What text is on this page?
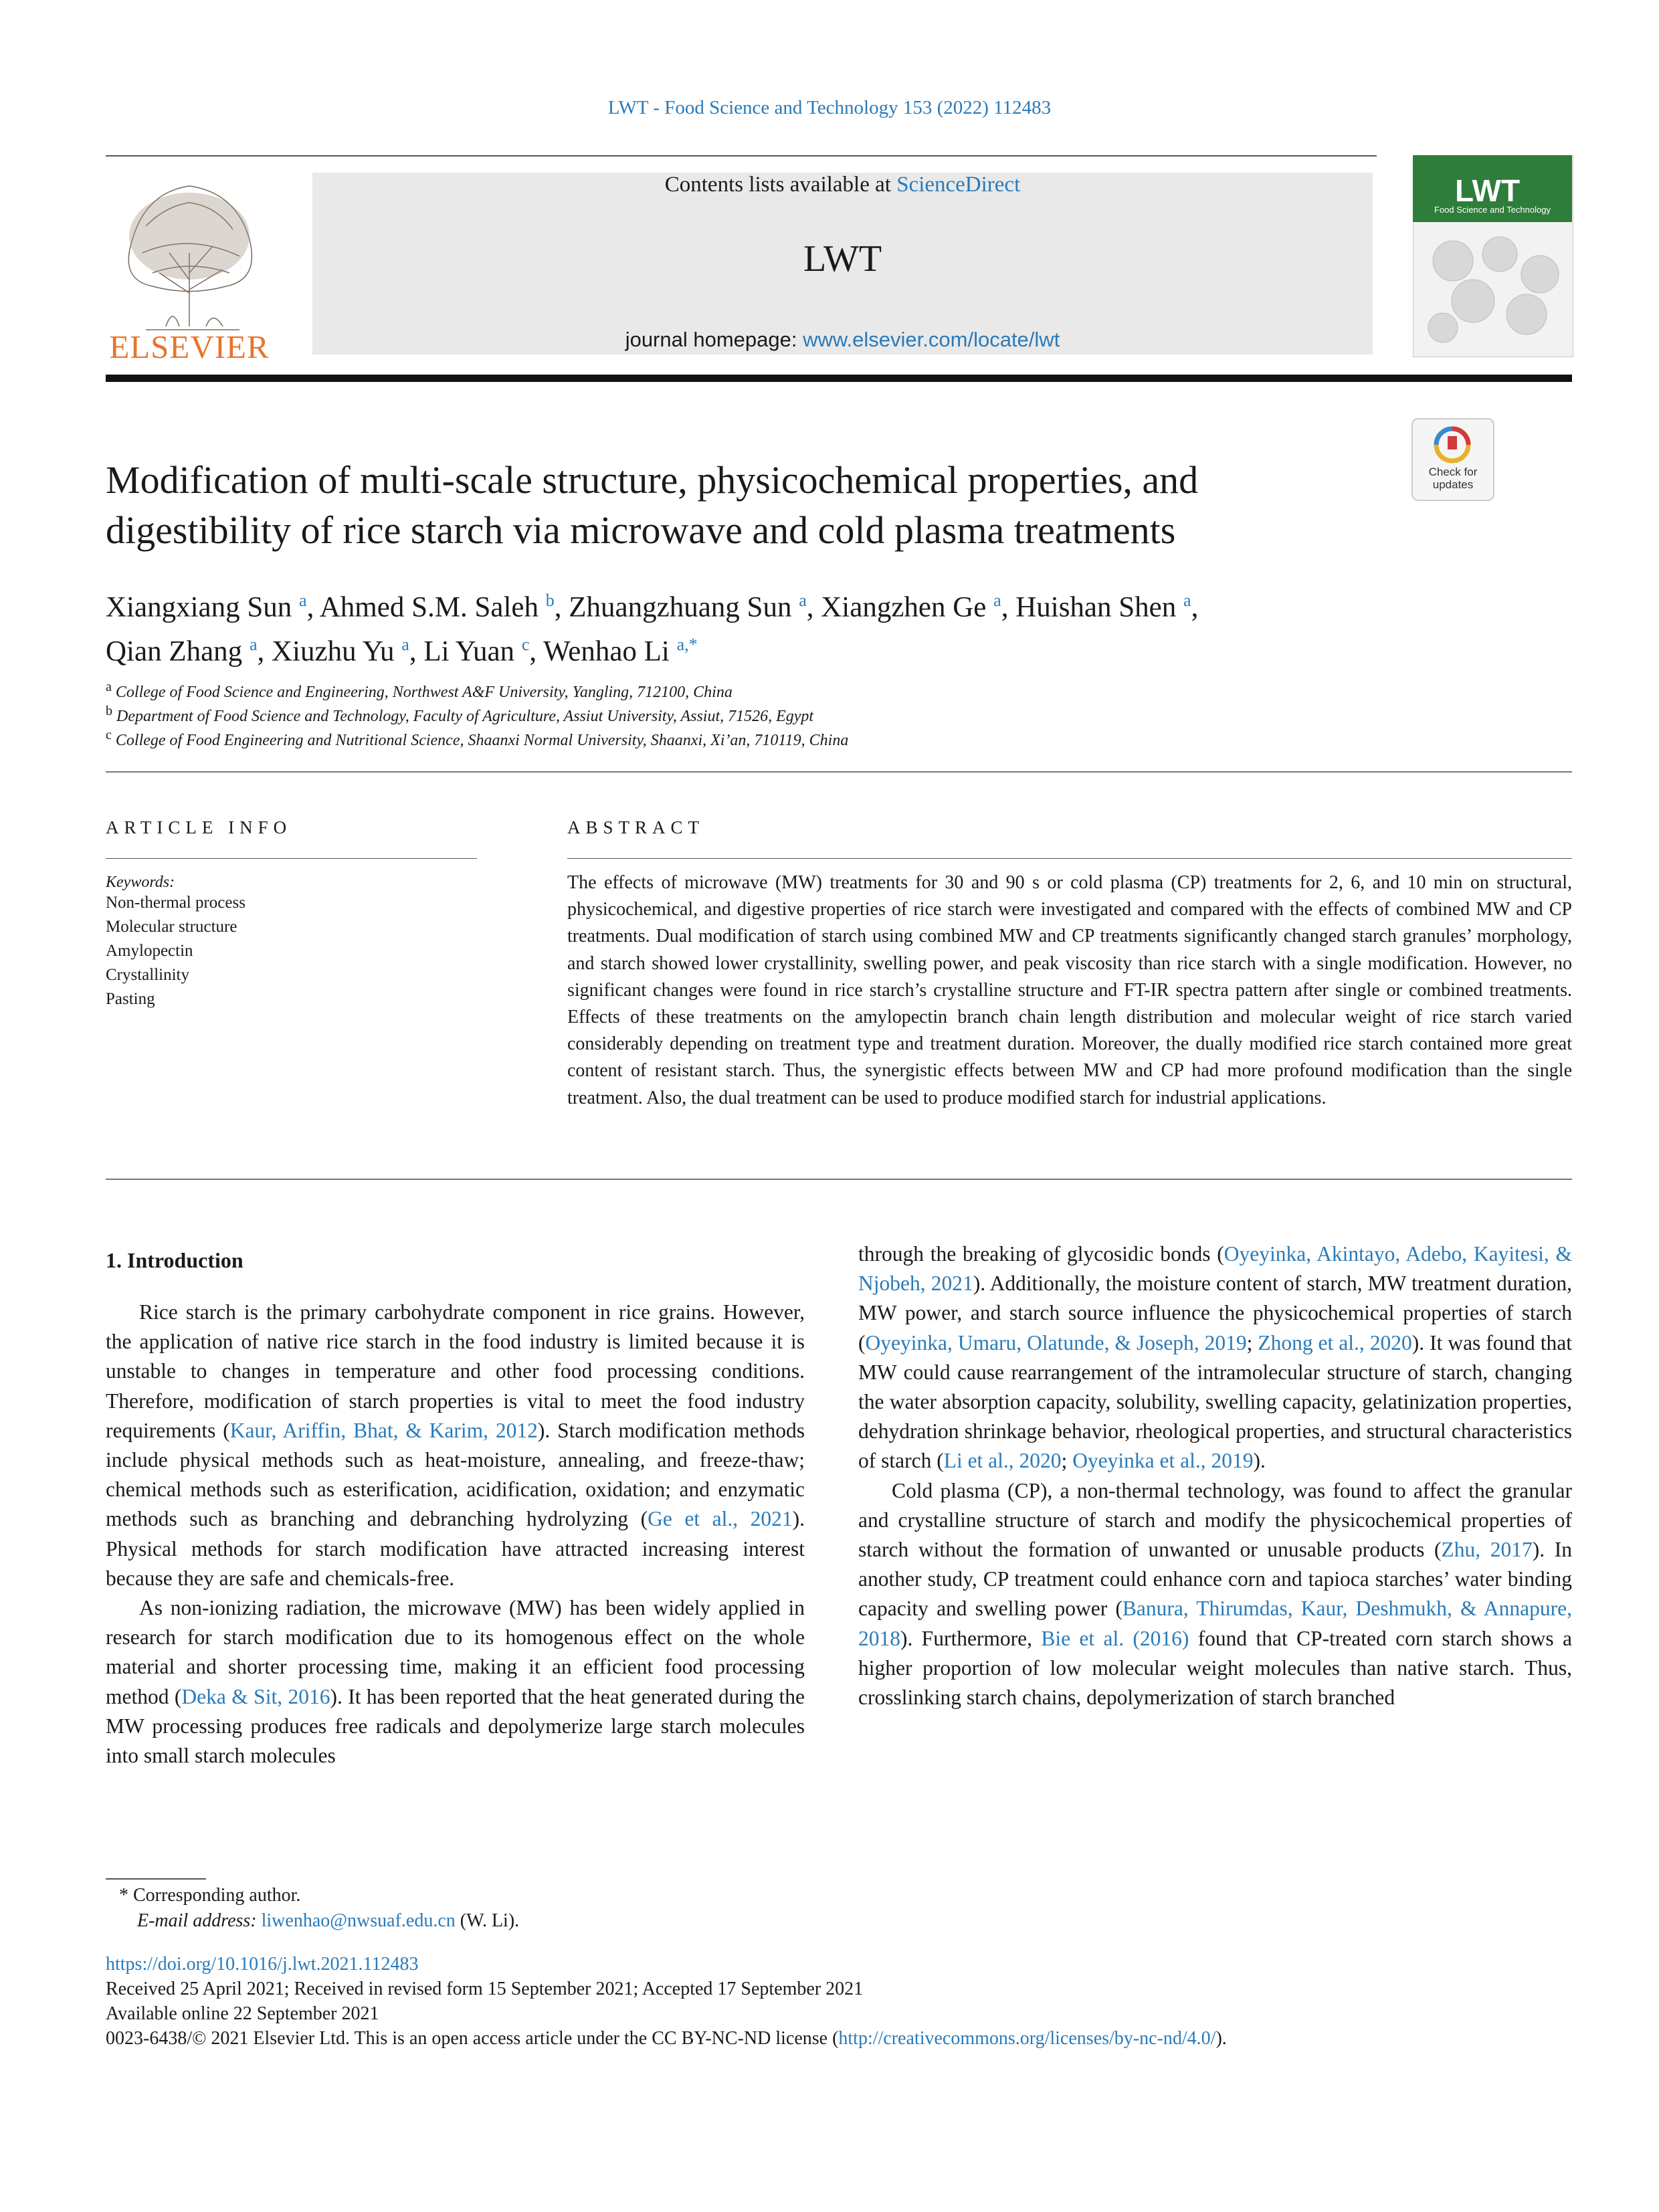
LWT - Food Science and Technology 153 (2022) 112483
ELSEVIER
Contents lists available at ScienceDirect
LWT
journal homepage: www.elsevier.com/locate/lwt
LWT
Food Science and Technology
Check for
updates
Modification of multi-scale structure, physicochemical properties, and
digestibility of rice starch via microwave and cold plasma treatments
Xiangxiang Sun $^a$, Ahmed S.M. Saleh $^b$, Zhuangzhuang Sun $^a$, Xiangzhen Ge $^a$, Huishan Shen $^a$,
Qian Zhang $^a$, Xiuzhu Yu $^a$, Li Yuan $^c$, Wenhao Li $^{a,*}$
$^a$ College of Food Science and Engineering, Northwest A&F University, Yangling, 712100, China
$^b$ Department of Food Science and Technology, Faculty of Agriculture, Assiut University, Assiut, 71526, Egypt
$^c$ College of Food Engineering and Nutritional Science, Shaanxi Normal University, Shaanxi, Xi’an, 710119, China
ARTICLE INFO
Keywords:
Non-thermal process
Molecular structure
Amylopectin
Crystallinity
Pasting
ABSTRACT
The effects of microwave (MW) treatments for 30 and 90 s or cold plasma (CP) treatments for 2, 6, and 10 min on structural, physicochemical, and digestive properties of rice starch were investigated and compared with the effects of combined MW and CP treatments. Dual modification of starch using combined MW and CP treatments significantly changed starch granules’ morphology, and starch showed lower crystallinity, swelling power, and peak viscosity than rice starch with a single modification. However, no significant changes were found in rice starch’s crystalline structure and FT-IR spectra pattern after single or combined treatments. Effects of these treatments on the amylopectin branch chain length distribution and molecular weight of rice starch varied considerably depending on treatment type and treatment duration. Moreover, the dually modified rice starch contained more great content of resistant starch. Thus, the synergistic effects between MW and CP had more profound modification than the single treatment. Also, the dual treatment can be used to produce modified starch for industrial applications.
1. Introduction

Rice starch is the primary carbohydrate component in rice grains. However, the application of native rice starch in the food industry is limited because it is unstable to changes in temperature and other food processing conditions. Therefore, modification of starch properties is vital to meet the food industry requirements (Kaur, Ariffin, Bhat, & Karim, 2012). Starch modification methods include physical methods such as heat-moisture, annealing, and freeze-thaw; chemical methods such as esterification, acidification, oxidation; and enzymatic methods such as branching and debranching hydrolyzing (Ge et al., 2021). Physical methods for starch modification have attracted increasing interest because they are safe and chemicals-free.

As non-ionizing radiation, the microwave (MW) has been widely applied in research for starch modification due to its homogenous effect on the whole material and shorter processing time, making it an efficient food processing method (Deka & Sit, 2016). It has been reported that the heat generated during the MW processing produces free radicals and depolymerize large starch molecules into small starch molecules

through the breaking of glycosidic bonds (Oyeyinka, Akintayo, Adebo, Kayitesi, & Njobeh, 2021). Additionally, the moisture content of starch, MW treatment duration, MW power, and starch source influence the physicochemical properties of starch (Oyeyinka, Umaru, Olatunde, & Joseph, 2019; Zhong et al., 2020). It was found that MW could cause rearrangement of the intramolecular structure of starch, changing the water absorption capacity, solubility, swelling capacity, gelatinization properties, dehydration shrinkage behavior, rheological properties, and structural characteristics of starch (Li et al., 2020; Oyeyinka et al., 2019).

Cold plasma (CP), a non-thermal technology, was found to affect the granular and crystalline structure of starch and modify the physicochemical properties of starch without the formation of unwanted or unusable products (Zhu, 2017). In another study, CP treatment could enhance corn and tapioca starches’ water binding capacity and swelling power (Banura, Thirumdas, Kaur, Deshmukh, & Annapure, 2018). Furthermore, Bie et al. (2016) found that CP-treated corn starch shows a higher proportion of low molecular weight molecules than native starch. Thus, crosslinking starch chains, depolymerization of starch branched

* Corresponding author.
E-mail address: liwenhao@nwsuaf.edu.cn (W. Li).
https://doi.org/10.1016/j.lwt.2021.112483
Received 25 April 2021; Received in revised form 15 September 2021; Accepted 17 September 2021
Available online 22 September 2021
0023-6438/© 2021 Elsevier Ltd. This is an open access article under the CC BY-NC-ND license (http://creativecommons.org/licenses/by-nc-nd/4.0/).
